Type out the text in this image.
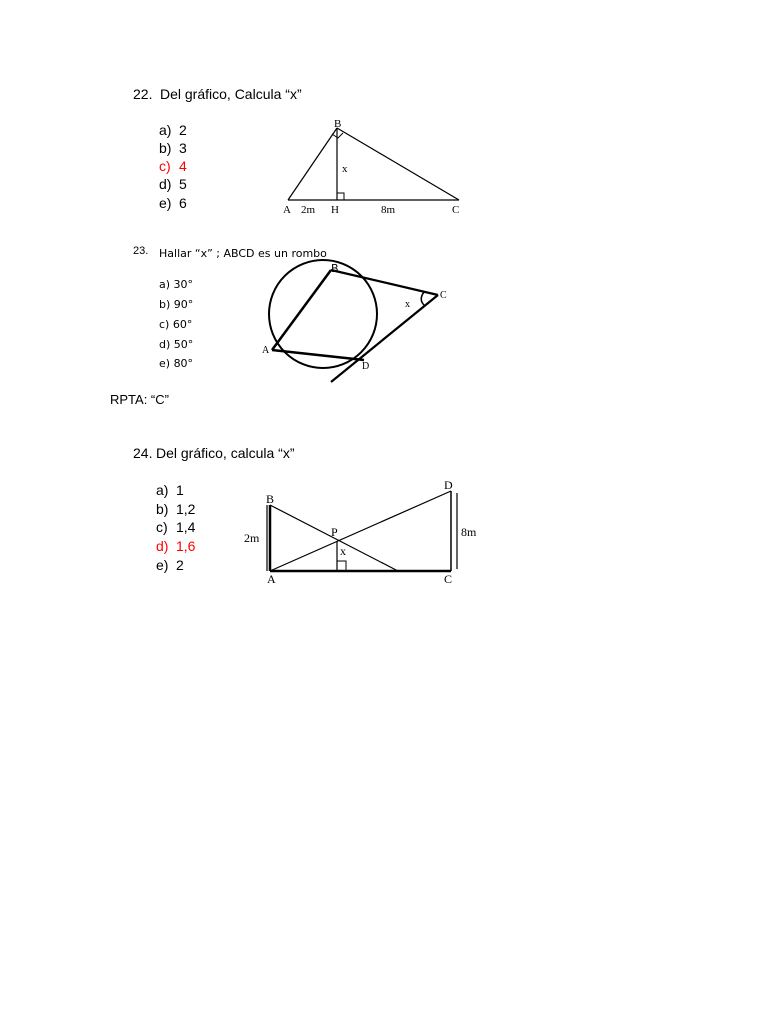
22. Del gráfico, Calcula “x”
a) 2
b) 3
c) 4
d) 5
e) 6
B
x
A 2m H	8m	C
23. Hallar “x” ; ABCD es un rombo
a) 30°
b) 90°
c) 60°
d) 50°
e) 80°
B
C
x
A
D
RPTA: “C”
24. Del gráfico, calcula “x”
a) 1
b) 1,2
c) 1,4
d) 1,6
e) 2
B
D
P
2m	8m
x
A	C
